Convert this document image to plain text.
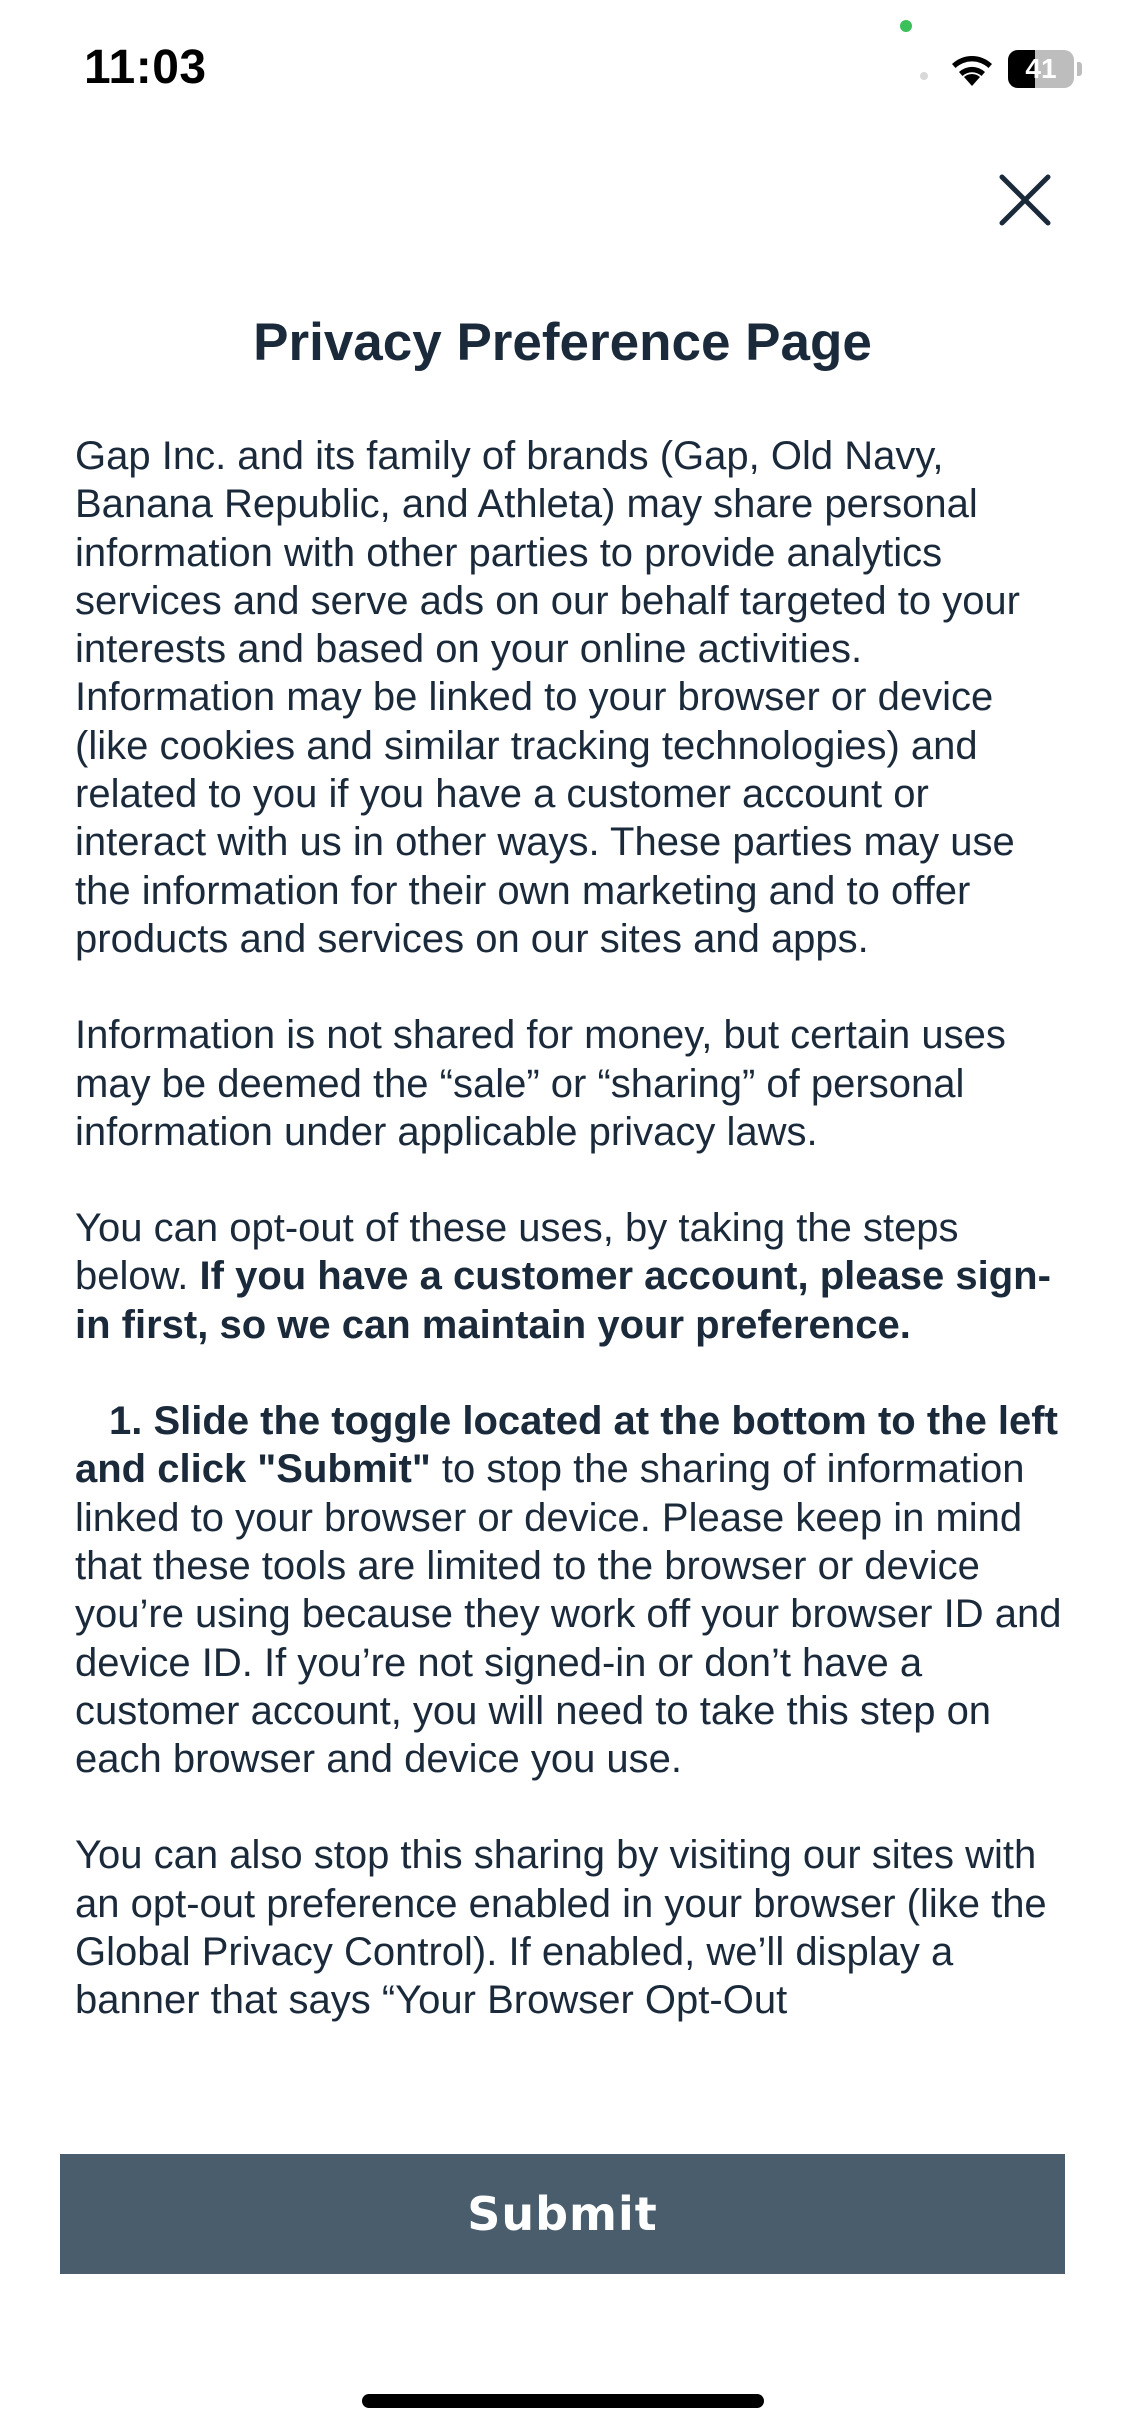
11:03	41
Privacy Preference Page

Gap Inc. and its family of brands (Gap, Old Navy, Banana Republic, and Athleta) may share personal information with other parties to provide analytics services and serve ads on our behalf targeted to your interests and based on your online activities. Information may be linked to your browser or device (like cookies and similar tracking technologies) and related to you if you have a customer account or interact with us in other ways. These parties may use the information for their own marketing and to offer products and services on our sites and apps.

Information is not shared for money, but certain uses may be deemed the “sale” or “sharing” of personal information under applicable privacy laws.

You can opt-out of these uses, by taking the steps below. If you have a customer account, please sign-in first, so we can maintain your preference.

1. Slide the toggle located at the bottom to the left and click "Submit" to stop the sharing of information linked to your browser or device. Please keep in mind that these tools are limited to the browser or device you’re using because they work off your browser ID and device ID. If you’re not signed-in or don’t have a customer account, you will need to take this step on each browser and device you use.

You can also stop this sharing by visiting our sites with an opt-out preference enabled in your browser (like the Global Privacy Control). If enabled, we’ll display a banner that says “Your Browser Opt-Out

Submit
